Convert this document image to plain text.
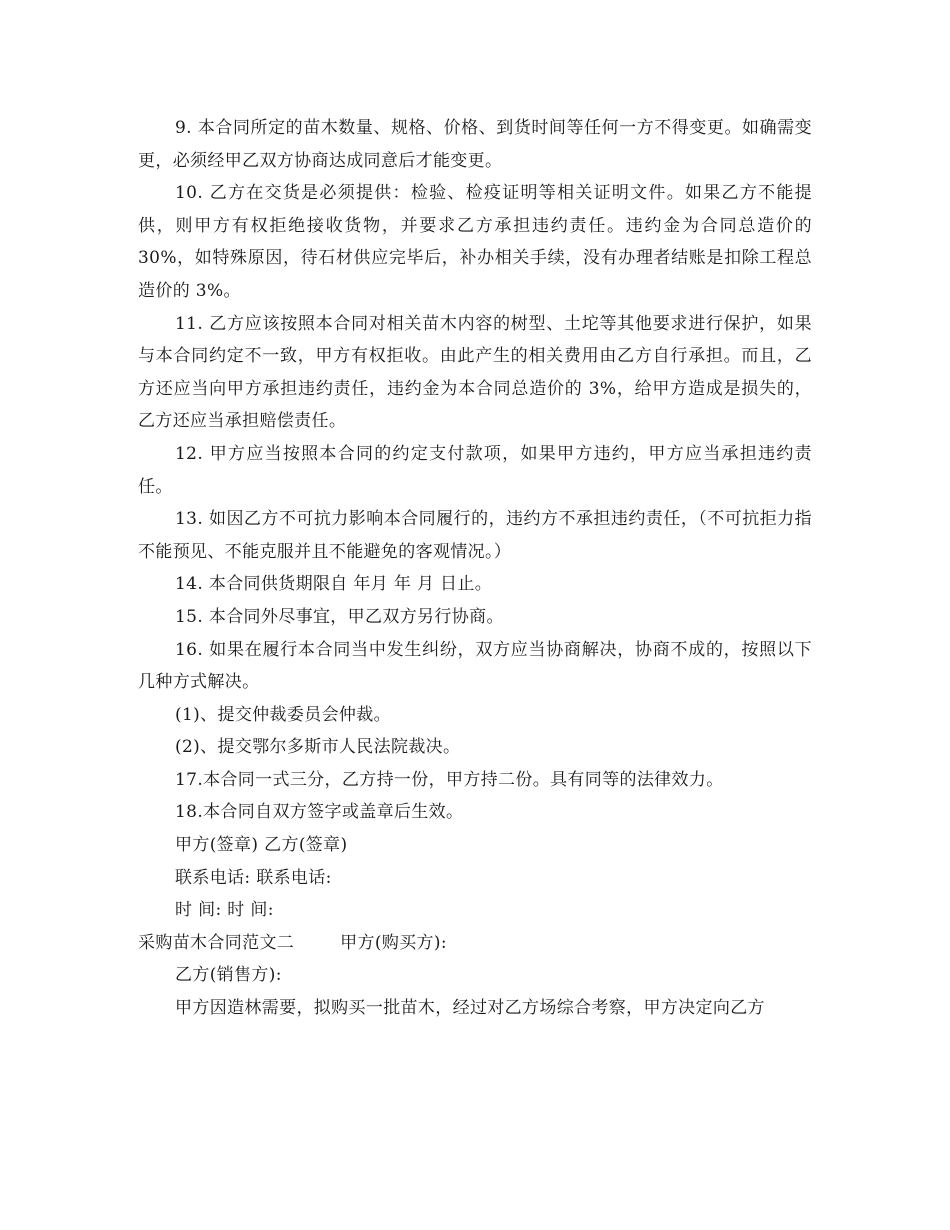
9. 本合同所定的苗木数量、规格、价格、到货时间等任何一方不得变更。如确需变更，必须经甲乙双方协商达成同意后才能变更。

10. 乙方在交货是必须提供：检验、检疫证明等相关证明文件。如果乙方不能提供，则甲方有权拒绝接收货物，并要求乙方承担违约责任。违约金为合同总造价的 30%，如特殊原因，待石材供应完毕后，补办相关手续，没有办理者结账是扣除工程总造价的 3%。

11. 乙方应该按照本合同对相关苗木内容的树型、土坨等其他要求进行保护，如果与本合同约定不一致，甲方有权拒收。由此产生的相关费用由乙方自行承担。而且，乙方还应当向甲方承担违约责任，违约金为本合同总造价的 3%，给甲方造成是损失的，乙方还应当承担赔偿责任。

12. 甲方应当按照本合同的约定支付款项，如果甲方违约，甲方应当承担违约责任。

13. 如因乙方不可抗力影响本合同履行的，违约方不承担违约责任，（不可抗拒力指不能预见、不能克服并且不能避免的客观情况。）

14. 本合同供货期限自 年月 年 月 日止。

15. 本合同外尽事宜，甲乙双方另行协商。

16. 如果在履行本合同当中发生纠纷，双方应当协商解决，协商不成的，按照以下几种方式解决。

(1)、提交仲裁委员会仲裁。

(2)、提交鄂尔多斯市人民法院裁决。

17.本合同一式三分，乙方持一份，甲方持二份。具有同等的法律效力。

18.本合同自双方签字或盖章后生效。

甲方(签章) 乙方(签章)

联系电话: 联系电话:

时 间: 时 间:

采购苗木合同范文二        甲方(购买方):

乙方(销售方):

甲方因造林需要，拟购买一批苗木，经过对乙方场综合考察，甲方决定向乙方
